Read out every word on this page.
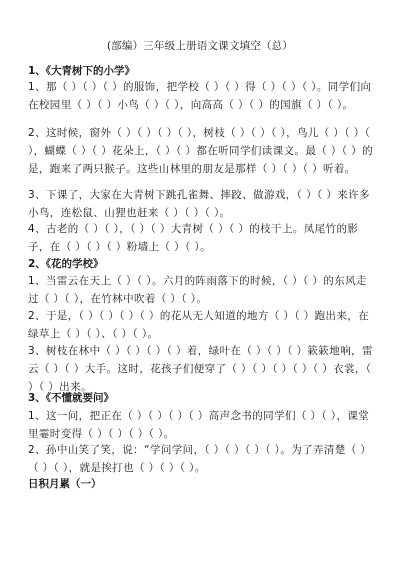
(部编）三年级上册语文课文填空（总）
1、《大青树下的小学》

1、那（ ）（ ）（ ）的服饰，把学校（ ）（ ）得（ ）（ ）（ ）。同学们向在校园里（ ）（ ）小鸟（ ）（ ），向高高（ ）（ ）的国旗（ ）（ ）。

2、这时候，窗外（ ）（ ）（ ）（ ），树枝（ ）（ ）（ ），鸟儿（ ）（ ）（ ），蝴蝶（ ）（ ）花朵上，（ ）（ ）都在听同学们读课文。最（ ）（ ）的是，跑来了两只猴子。这些山林里的朋友是那样（ ）（ ）（ ）听着。

3、下课了，大家在大青树下跳孔雀舞、摔跤、做游戏，（ ）（ ）来许多小鸟，连松鼠、山狸也赶来（ ）（ ）（ ）。

4、古老的（ ）（ ），（ ）（ ）大青树（ ）（ ）的枝干上。凤尾竹的影子，在（ ）（ ）（ ）粉墙上（ ）（ ）。

2、《花的学校》

1、当雷云在天上（ ）（ ）。六月的阵雨落下的时候，（ ）（ ）的东风走过（ ）（ ），在竹林中吹着（ ）（ ）。

2、于是，（ ）（ ）（ ）（ ）的花从无人知道的地方（ ）（ ）跑出来，在绿草上（ ）（ ）、（ ）（ ）。

3、树枝在林中（ ）（ ）（ ）（ ）着，绿叶在（ ）（ ）（ ）簌簌地响，雷云（ ）（ ）大手。这时，花孩子们便穿了（ ）（ ）（ ）（ ）（ ）衣裳，（ ）（ ）出来。

3、《不懂就要问》

1、这一问，把正在（ ）（ ）（ ）（ ）高声念书的同学们（ ）（ ），课堂里霎时变得（ ）（ ）（ ）（ ）。

2、孙中山笑了笑，说：“学问学问，（ ）（ ）（ ）（ ）。为了弄清楚（ ）（ ）（ ），就是挨打也（ ）（ ）（ ）。

日积月累（一）
